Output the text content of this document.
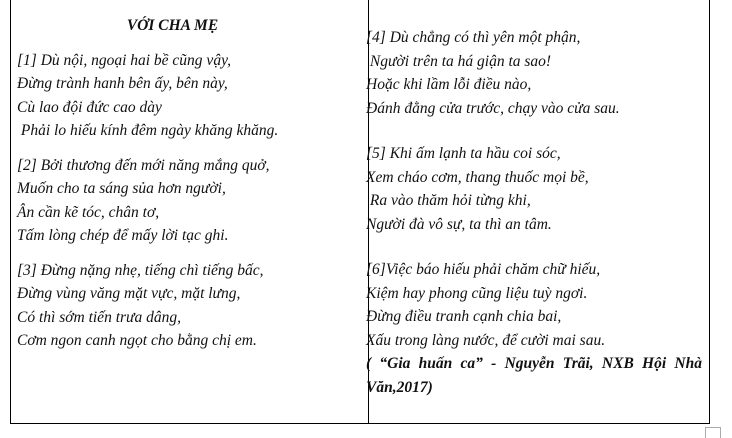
VỚI CHA MẸ
[1] Dù nội, ngoại hai bề cũng vậy,
Đừng trành hanh bên ấy, bên này,
Cù lao đội đức cao dày
Phải lo hiếu kính đêm ngày khăng khăng.
[2] Bởi thương đến mới năng mắng quở,
Muốn cho ta sáng sủa hơn người,
Ân cần kẽ tóc, chân tơ,
Tấm lòng chép để mấy lời tạc ghi.
[3] Đừng nặng nhẹ, tiếng chì tiếng bấc,
Đừng vùng văng mặt vực, mặt lưng,
Có thì sớm tiến trưa dâng,
Cơm ngon canh ngọt cho bằng chị em.
[4] Dù chẳng có thì yên một phận,
Người trên ta há giận ta sao!
Hoặc khi lầm lỗi điều nào,
Đánh đằng cửa trước, chạy vào cửa sau.
[5] Khi ấm lạnh ta hầu coi sóc,
Xem cháo cơm, thang thuốc mọi bề,
Ra vào thăm hỏi từng khi,
Người đà vô sự, ta thì an tâm.
[6]Việc báo hiếu phải chăm chữ hiếu,
Kiệm hay phong cũng liệu tuỳ ngơi.
Đừng điều tranh cạnh chia bai,
Xấu trong làng nước, để cười mai sau.
( “Gia huấn ca” - Nguyễn Trãi, NXB Hội Nhà Văn,2017)
